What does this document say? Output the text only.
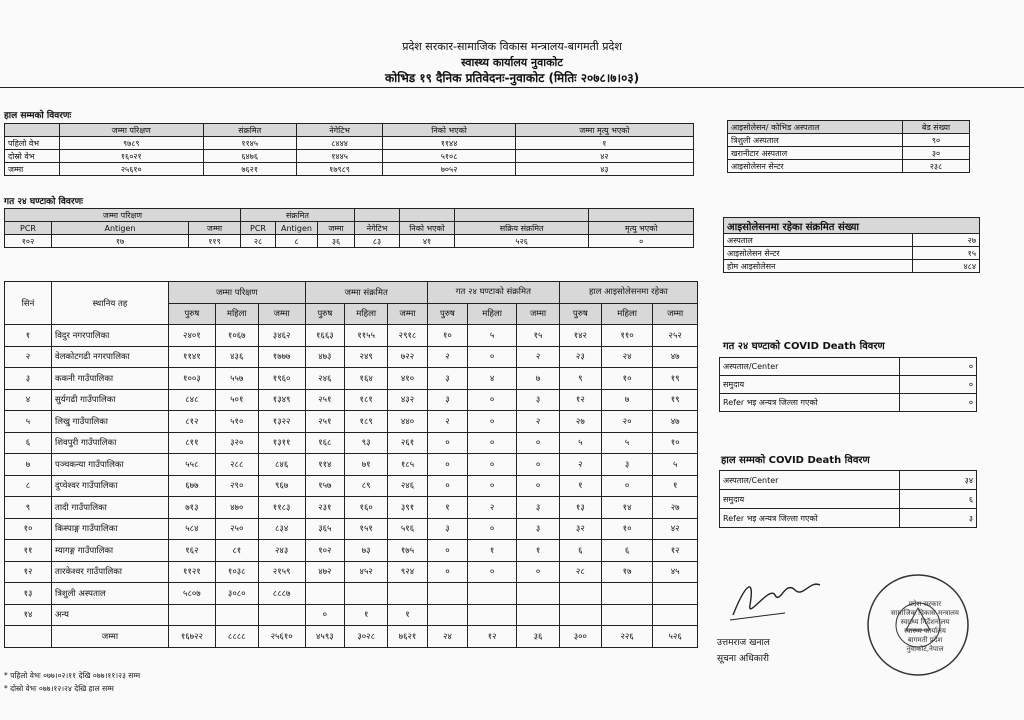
प्रदेश सरकार-सामाजिक विकास मन्त्रालय-बागमती प्रदेश
स्वास्थ्य कार्यालय नुवाकोट
कोभिड १९ दैनिक प्रतिवेदनः-नुवाकोट (मितिः २०७८।७।०३)
हाल सम्मको विवरणः
	जम्मा परिक्षण	संक्रमित	नेगेटिभ	निको भएको	जम्मा मृत्यु भएको
पहिलो वेभ	९७८९	११४५	८४४४	११४४	१
दोस्रो वेभ	१६०२१	६४७६	१४४५	५१०८	४२
जम्मा	२५६१०	७६२१	१७९८९	७०५२	४३
गत २४ घण्टाको विवरणः
जम्मा परिक्षण			संक्रमित						
PCR	Antigen	जम्मा	PCR	Antigen	जम्मा	नेगेटिभ	निको भएको	सक्रिय संक्रमित	मृत्यु भएको
१०२	१७	११९	२८	८	३६	८३	४१	५२६	०
आइसोलेसन/ कोभिड अस्पताल	बेड संख्या
त्रिशुली अस्पताल	९०
खरानीटार अस्पताल	३०
आइसोलेसन सेन्टर	२३८
आइसोलेसनमा रहेका संक्रमित संख्या	
अस्पताल	२७
आइसोलेसन सेन्टर	१५
होम आइसोलेसन	४८४
सिनं	स्थानिय तह	जम्मा परिक्षण			जम्मा संक्रमित			गत २४ घण्टाको संक्रमित			हाल आइसोलेसनमा रहेका		
		पुरुष	महिला	जम्मा	पुरुष	महिला	जम्मा	पुरुष	महिला	जम्मा	पुरुष	महिला	जम्मा
१	विदुर नगरपालिका	२४०१	१०६७	३४६२	१६६३	११५५	२९१८	१०	५	१५	१४२	११०	२५२
२	वेलकोटगढी नगरपालिका	११४१	४३६	१७७७	४७३	२४९	७२२	२	०	२	२३	२४	४७
३	ककनी गाउँपालिका	१००३	५५७	१९६०	२४६	१६४	४१०	३	४	७	९	१०	१९
४	सुर्यगढी गाउँपालिका	८४८	५०१	१३४९	२५१	१८१	४३२	३	०	३	१२	७	१९
५	लिखु गाउँपालिका	८१२	५१०	१३२२	२५१	१८९	४४०	२	०	२	२७	२०	४७
६	शिवपुरी गाउँपालिका	८११	३२०	१३११	१६८	९३	२६१	०	०	०	५	५	१०
७	पञ्चकन्या गाउँपालिका	५५८	२८८	८४६	११४	७१	१८५	०	०	०	२	३	५
८	दुप्चेश्वर गाउँपालिका	६७७	२९०	९६७	१५७	८९	२४६	०	०	०	१	०	१
९	तादी गाउँपालिका	७१३	४७०	११८३	२३१	१६०	३९१	१	२	३	१३	१४	२७
१०	किस्पाङ्ग गाउँपालिका	५८४	२५०	८३४	३६५	१५१	५१६	३	०	३	३२	१०	४२
११	म्यागङ्ग गाउँपालिका	१६२	८१	२४३	१०२	७३	१७५	०	१	१	६	६	१२
१२	तारकेश्वर गाउँपालिका	११२१	१०३८	२१५९	४७२	४५२	९२४	०	०	०	२८	१७	४५
१३	त्रिशुली अस्पताल	५८०७	३०८०	८८८७									
१४	अन्य				०	१	१						
	जम्मा	१६७२२	८८८८	२५६१०	४५९३	३०२८	७६२१	२४	१२	३६	३००	२२६	५२६
गत २४ घण्टाको COVID Death विवरण
अस्पताल/Center	०
समुदाय	०
Refer भइ अन्यत्र जिल्ला गएको	०
हाल सम्मको COVID Death विवरण
अस्पताल/Center	३४
समुदाय	६
Refer भइ अन्यत्र जिल्ला गएको	३
उत्तमराज खनाल
सूचना अधिकारी
प्रदेश सरकार
सामाजिक विकास मन्त्रालय
स्वास्थ्य निर्देशनालय
स्वास्थ्य कार्यालय
बागमती प्रदेश
नुवाकोट,नेपाल
* पहिलो वेभः ०७७।०२।११ देखि ०७७।११।२३ सम्म
* दोस्रो वेभः ०७७।१२।२४ देखि हाल सम्म
